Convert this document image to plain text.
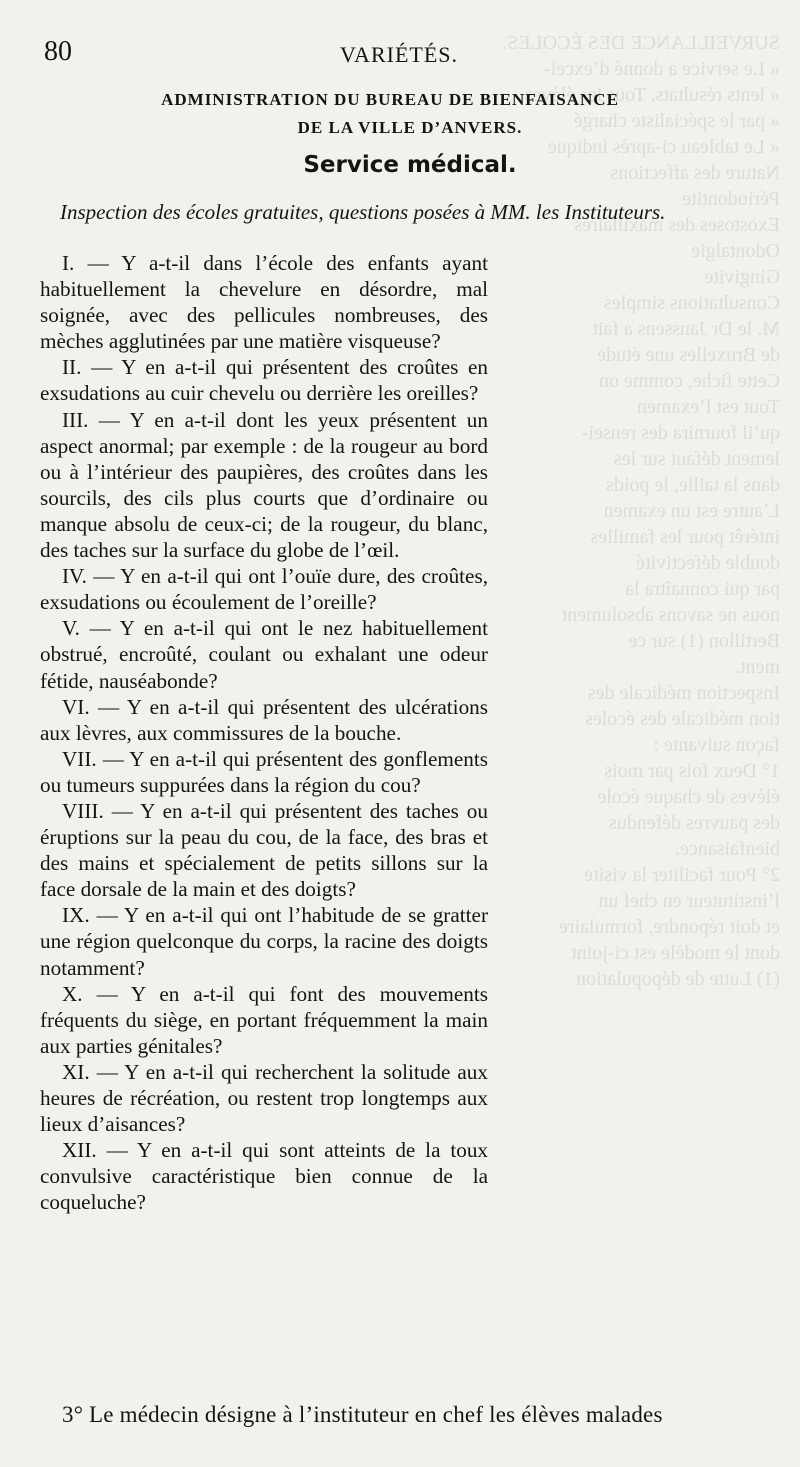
SURVEILLANCE DES ÉCOLES.
« Le service a donné d’excel-
« lents résultats. Tous les élèves
« par le spécialiste chargé
« Le tableau ci-après indique
Nature des affections
Périodontite
Exostoses des maxillaires
Odontalgie
Gingivite
Consultations simples
M. le Dr Janssens a fait
de Bruxelles une étude
Cette fiche, comme on
Tout est l’examen
qu’il fournira des rensei-
lement défaut sur les
dans la taille, le poids
L’autre est un examen
intérêt pour les familles
double défectivité
par qui connaîtra la
nous ne savons absolument
Bertillon (1) sur ce
ment.
Inspection médicale des
tion médicale des écoles
façon suivante :
1° Deux fois par mois
élèves de chaque école
des pauvres défendus
bienfaisance.
2° Pour faciliter la visite
l’instituteur en chef un
et doit répondre, formulaire
dont le modèle est ci-joint
(1) Lutte de dépopulation
80	VARIÉTÉS.
ADMINISTRATION DU BUREAU DE BIENFAISANCE
DE LA VILLE D’ANVERS.
Service médical.
Inspection des écoles gratuites, questions posées à MM. les Instituteurs.

I. — Y a-t-il dans l’école des enfants ayant habituellement la chevelure en désordre, mal soignée, avec des pellicules nombreuses, des mèches agglutinées par une matière visqueuse?

II. — Y en a-t-il qui présentent des croûtes en exsudations au cuir chevelu ou derrière les oreilles?

III. — Y en a-t-il dont les yeux présentent un aspect anormal; par exemple : de la rougeur au bord ou à l’intérieur des paupières, des croûtes dans les sourcils, des cils plus courts que d’ordinaire ou manque absolu de ceux-ci; de la rougeur, du blanc, des taches sur la surface du globe de l’œil.

IV. — Y en a-t-il qui ont l’ouïe dure, des croûtes, exsudations ou écoulement de l’oreille?

V. — Y en a-t-il qui ont le nez habituellement obstrué, encroûté, coulant ou exhalant une odeur fétide, nauséabonde?

VI. — Y en a-t-il qui présentent des ulcérations aux lèvres, aux commissures de la bouche.

VII. — Y en a-t-il qui présentent des gonflements ou tumeurs suppurées dans la région du cou?

VIII. — Y en a-t-il qui présentent des taches ou éruptions sur la peau du cou, de la face, des bras et des mains et spécialement de petits sillons sur la face dorsale de la main et des doigts?

IX. — Y en a-t-il qui ont l’habitude de se gratter une région quelconque du corps, la racine des doigts notamment?

X. — Y en a-t-il qui font des mouvements fréquents du siège, en portant fréquemment la main aux parties génitales?

XI. — Y en a-t-il qui recherchent la solitude aux heures de récréation, ou restent trop longtemps aux lieux d’aisances?

XII. — Y en a-t-il qui sont atteints de la toux convulsive caractéristique bien connue de la coqueluche?

3° Le médecin désigne à l’instituteur en chef les élèves malades
